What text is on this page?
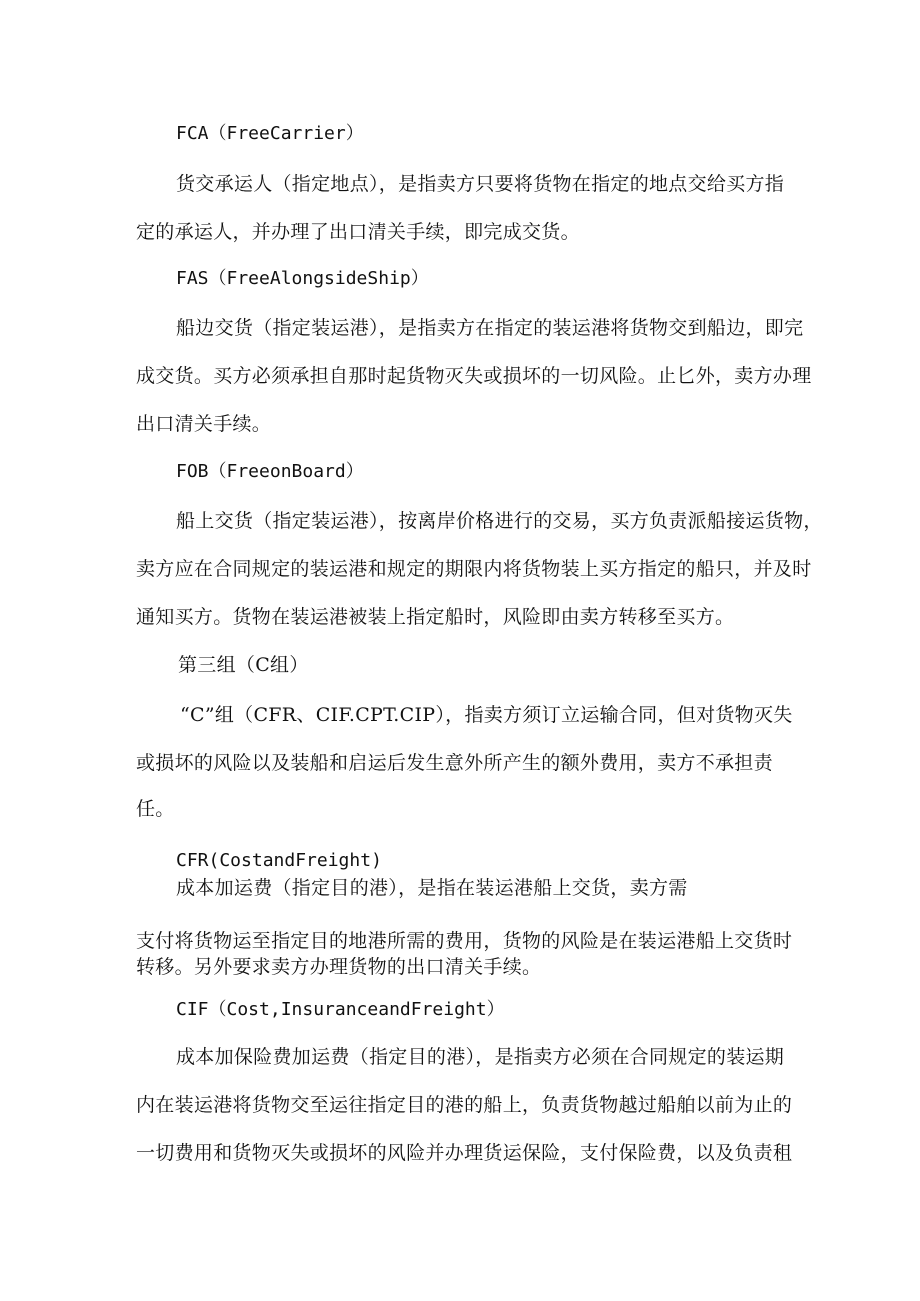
FCA（FreeCarrier）
货交承运人（指定地点），是指卖方只要将货物在指定的地点交给买方指
定的承运人，并办理了出口清关手续，即完成交货。
FAS（FreeAlongsideShip）
船边交货（指定装运港），是指卖方在指定的装运港将货物交到船边，即完
成交货。买方必须承担自那时起货物灭失或损坏的一切风险。止匕外，卖方办理
出口清关手续。
FOB（FreeonBoard）
船上交货（指定装运港），按离岸价格进行的交易，买方负责派船接运货物，
卖方应在合同规定的装运港和规定的期限内将货物装上买方指定的船只，并及时
通知买方。货物在装运港被装上指定船时，风险即由卖方转移至买方。
第三组（C组）
“C”组（CFR、CIF.CPT.CIP），指卖方须订立运输合同，但对货物灭失
或损坏的风险以及装船和启运后发生意外所产生的额外费用，卖方不承担责
任。
CFR(CostandFreight)
成本加运费（指定目的港），是指在装运港船上交货，卖方需
支付将货物运至指定目的地港所需的费用，货物的风险是在装运港船上交货时
转移。另外要求卖方办理货物的出口清关手续。
CIF（Cost,InsuranceandFreight）
成本加保险费加运费（指定目的港），是指卖方必须在合同规定的装运期
内在装运港将货物交至运往指定目的港的船上，负责货物越过船舶以前为止的
一切费用和货物灭失或损坏的风险并办理货运保险，支付保险费，以及负责租
